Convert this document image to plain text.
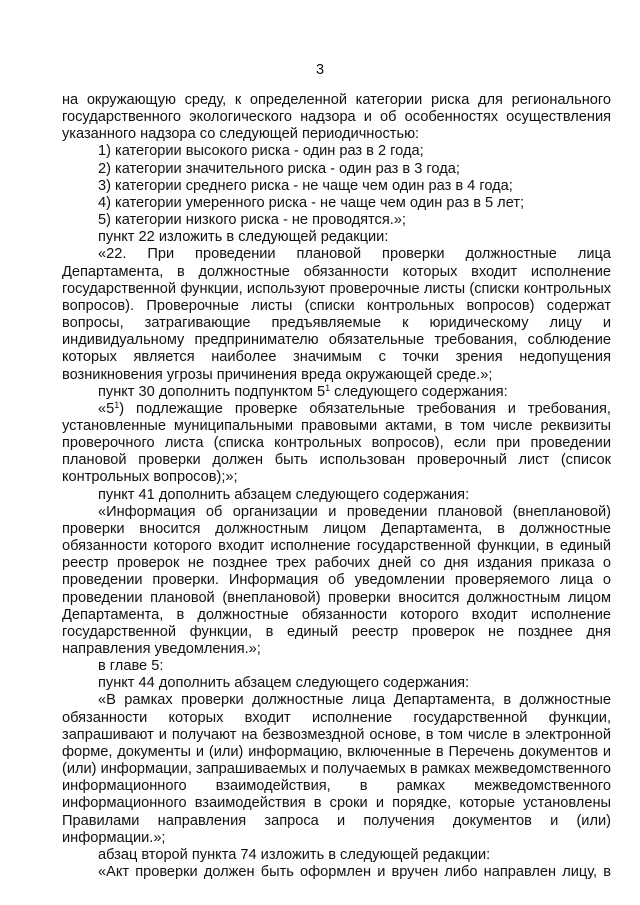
3

на окружающую среду, к определенной категории риска для регионального

государственного экологического надзора и об особенностях осуществления

указанного надзора со следующей периодичностью:

1) категории высокого риска - один раз в 2 года;

2) категории значительного риска - один раз в 3 года;

3) категории среднего риска - не чаще чем один раз в 4 года;

4) категории умеренного риска - не чаще чем один раз в 5 лет;

5) категории низкого риска - не проводятся.»;

пункт 22 изложить в следующей редакции:

«22. При проведении плановой проверки должностные лица

Департамента, в должностные обязанности которых входит исполнение

государственной функции, используют проверочные листы (списки контрольных

вопросов). Проверочные листы (списки контрольных вопросов) содержат

вопросы, затрагивающие предъявляемые к юридическому лицу и

индивидуальному предпринимателю обязательные требования, соблюдение

которых является наиболее значимым с точки зрения недопущения

возникновения угрозы причинения вреда окружающей среде.»;

пункт 30 дополнить подпунктом $5^1$ следующего содержания:

«$5^1$) подлежащие проверке обязательные требования и требования,

установленные муниципальными правовыми актами, в том числе реквизиты

проверочного листа (списка контрольных вопросов), если при проведении

плановой проверки должен быть использован проверочный лист (список

контрольных вопросов);»;

пункт 41 дополнить абзацем следующего содержания:

«Информация об организации и проведении плановой (внеплановой)

проверки вносится должностным лицом Департамента, в должностные

обязанности которого входит исполнение государственной функции, в единый

реестр проверок не позднее трех рабочих дней со дня издания приказа о

проведении проверки. Информация об уведомлении проверяемого лица о

проведении плановой (внеплановой) проверки вносится должностным лицом

Департамента, в должностные обязанности которого входит исполнение

государственной функции, в единый реестр проверок не позднее дня

направления уведомления.»;

в главе 5:

пункт 44 дополнить абзацем следующего содержания:

«В рамках проверки должностные лица Департамента, в должностные

обязанности которых входит исполнение государственной функции,

запрашивают и получают на безвозмездной основе, в том числе в электронной

форме, документы и (или) информацию, включенные в Перечень документов и

(или) информации, запрашиваемых и получаемых в рамках межведомственного

информационного взаимодействия, в рамках межведомственного

информационного взаимодействия в сроки и порядке, которые установлены

Правилами направления запроса и получения документов и (или)

информации.»;

абзац второй пункта 74 изложить в следующей редакции:

«Акт проверки должен быть оформлен и вручен либо направлен лицу, в
